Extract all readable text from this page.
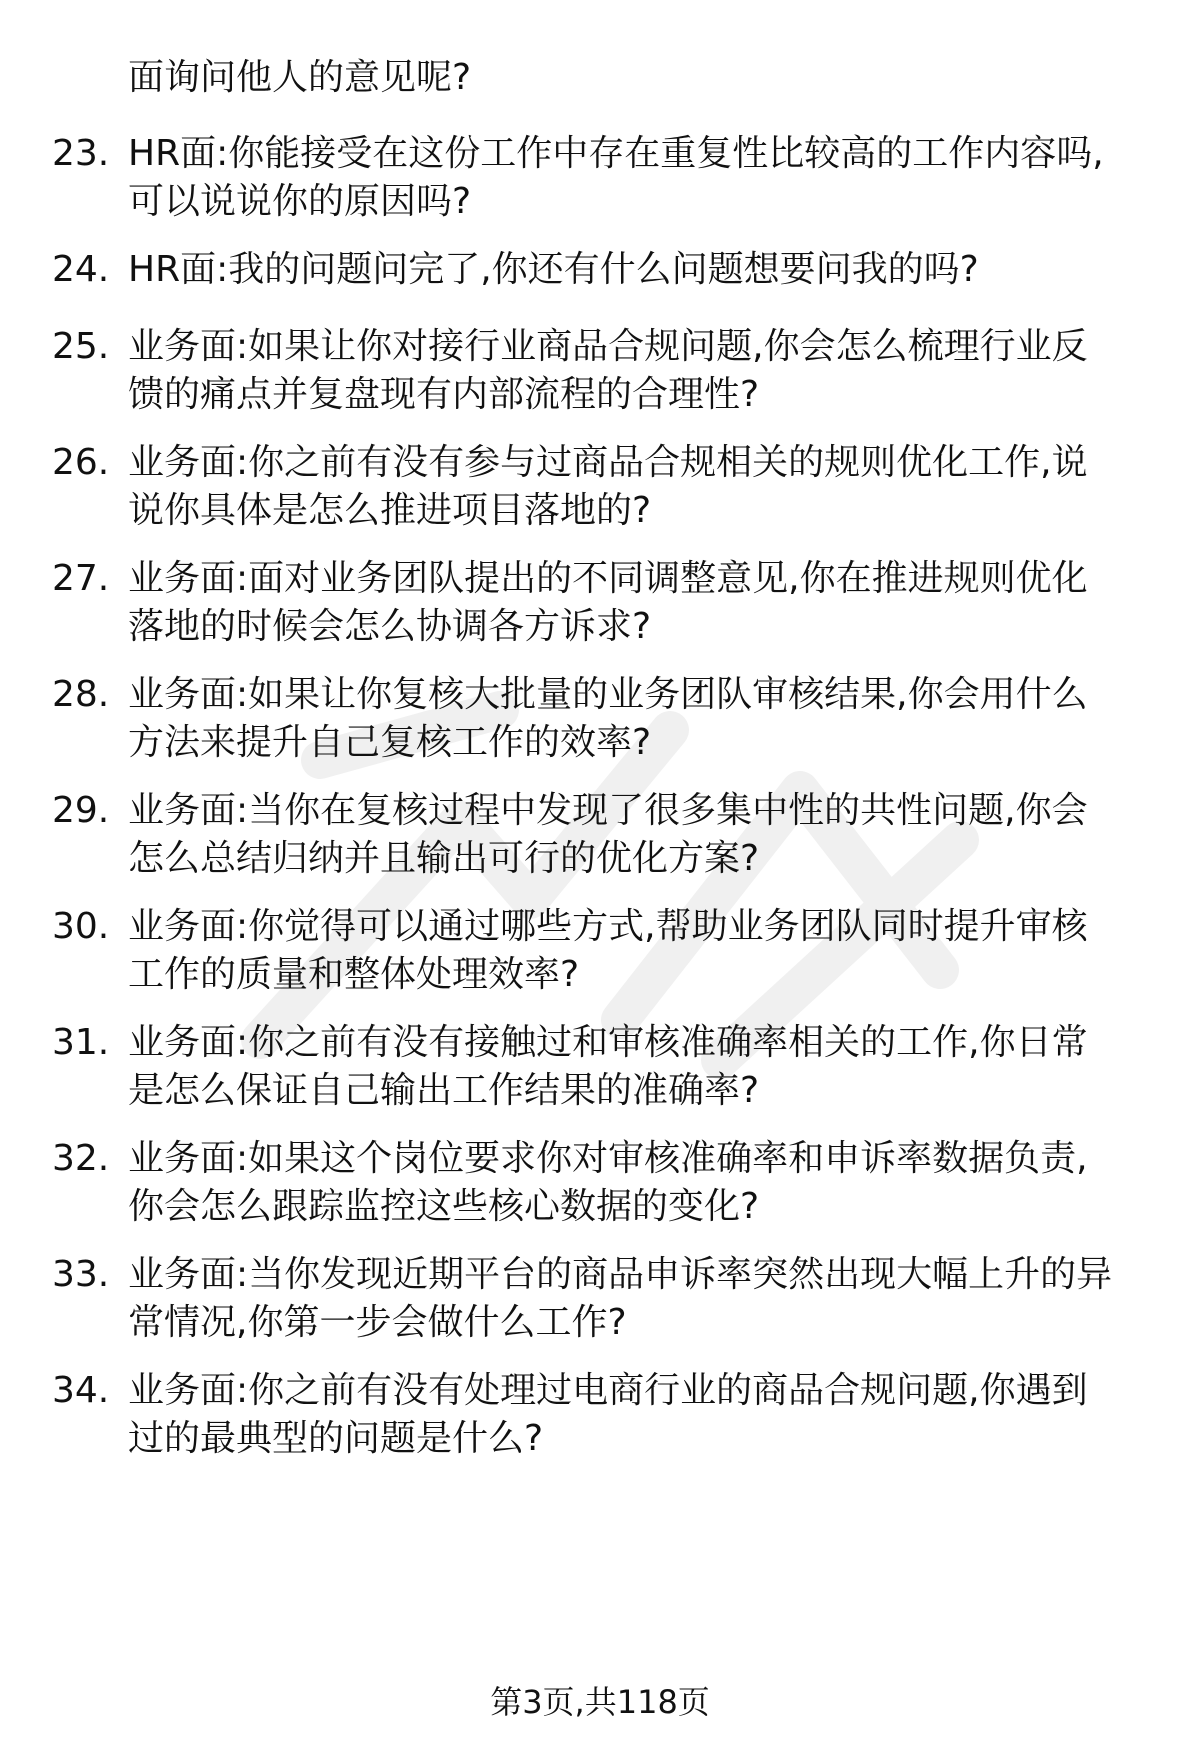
面询问他人的意见呢?
23. HR面:你能接受在这份工作中存在重复性比较高的工作内容吗,
可以说说你的原因吗?
24. HR面:我的问题问完了,你还有什么问题想要问我的吗?
25. 业务面:如果让你对接行业商品合规问题,你会怎么梳理行业反
馈的痛点并复盘现有内部流程的合理性?
26. 业务面:你之前有没有参与过商品合规相关的规则优化工作,说
说你具体是怎么推进项目落地的?
27. 业务面:面对业务团队提出的不同调整意见,你在推进规则优化
落地的时候会怎么协调各方诉求?
28. 业务面:如果让你复核大批量的业务团队审核结果,你会用什么
方法来提升自己复核工作的效率?
29. 业务面:当你在复核过程中发现了很多集中性的共性问题,你会
怎么总结归纳并且输出可行的优化方案?
30. 业务面:你觉得可以通过哪些方式,帮助业务团队同时提升审核
工作的质量和整体处理效率?
31. 业务面:你之前有没有接触过和审核准确率相关的工作,你日常
是怎么保证自己输出工作结果的准确率?
32. 业务面:如果这个岗位要求你对审核准确率和申诉率数据负责,
你会怎么跟踪监控这些核心数据的变化?
33. 业务面:当你发现近期平台的商品申诉率突然出现大幅上升的异
常情况,你第一步会做什么工作?
34. 业务面:你之前有没有处理过电商行业的商品合规问题,你遇到
过的最典型的问题是什么?
第3页,共118页
